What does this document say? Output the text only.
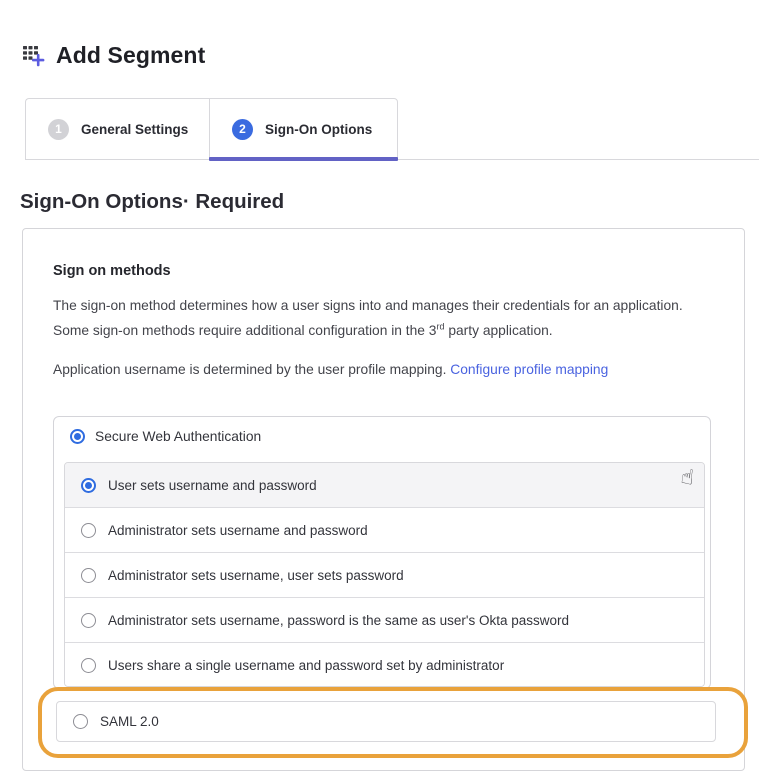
Add Segment
1	General Settings	2	Sign-On Options
Sign-On Options· Required
Sign on methods

The sign-on method determines how a user signs into and manages their credentials for an application. Some sign-on methods require additional configuration in the 3rd party application.

Application username is determined by the user profile mapping. Configure profile mapping

Secure Web Authentication
User sets username and password
Administrator sets username and password
Administrator sets username, user sets password
Administrator sets username, password is the same as user's Okta password
Users share a single username and password set by administrator
SAML 2.0
☝
